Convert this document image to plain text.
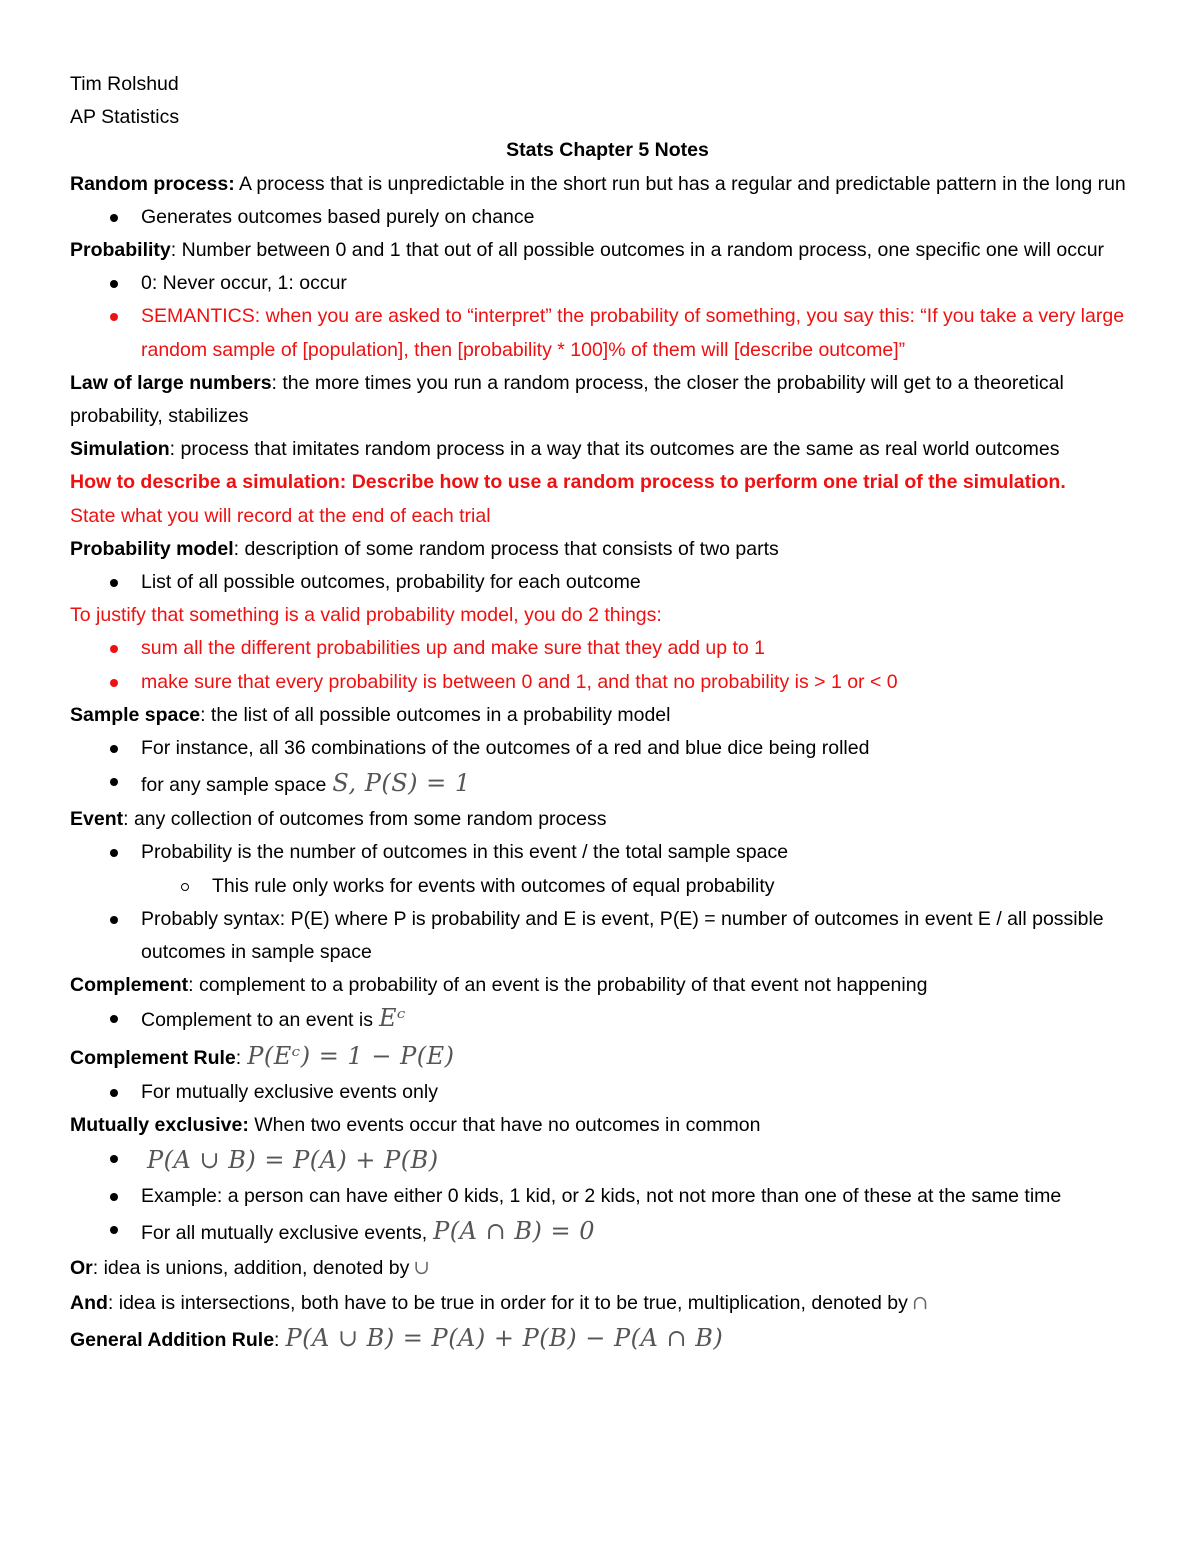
Tim Rolshud

AP Statistics

Stats Chapter 5 Notes

Random process: A process that is unpredictable in the short run but has a regular and predictable pattern in the long run

Generates outcomes based purely on chance

Probability: Number between 0 and 1 that out of all possible outcomes in a random process, one specific one will occur

0: Never occur, 1: occur
SEMANTICS: when you are asked to “interpret” the probability of something, you say this: “If you take a very large random sample of [population], then [probability * 100]% of them will [describe outcome]”

Law of large numbers: the more times you run a random process, the closer the probability will get to a theoretical probability, stabilizes

Simulation: process that imitates random process in a way that its outcomes are the same as real world outcomes

How to describe a simulation: Describe how to use a random process to perform one trial of the simulation.
State what you will record at the end of each trial

Probability model: description of some random process that consists of two parts

List of all possible outcomes, probability for each outcome

To justify that something is a valid probability model, you do 2 things:

sum all the different probabilities up and make sure that they add up to 1
make sure that every probability is between 0 and 1, and that no probability is > 1 or < 0

Sample space: the list of all possible outcomes in a probability model

For instance, all 36 combinations of the outcomes of a red and blue dice being rolled
for any sample space S, P(S) = 1

Event: any collection of outcomes from some random process

Probability is the number of outcomes in this event / the total sample space
This rule only works for events with outcomes of equal probability
Probably syntax: P(E) where P is probability and E is event, P(E) = number of outcomes in event E / all possible outcomes in sample space

Complement: complement to a probability of an event is the probability of that event not happening

Complement to an event is Eᶜ

Complement Rule: P(Eᶜ) = 1 − P(E)

For mutually exclusive events only

Mutually exclusive: When two events occur that have no outcomes in common

P(A ∪ B) = P(A) + P(B)
Example: a person can have either 0 kids, 1 kid, or 2 kids, not not more than one of these at the same time
For all mutually exclusive events, P(A ∩ B) = 0

Or: idea is unions, addition, denoted by ∪

And: idea is intersections, both have to be true in order for it to be true, multiplication, denoted by ∩

General Addition Rule: P(A ∪ B) = P(A) + P(B) − P(A ∩ B)
